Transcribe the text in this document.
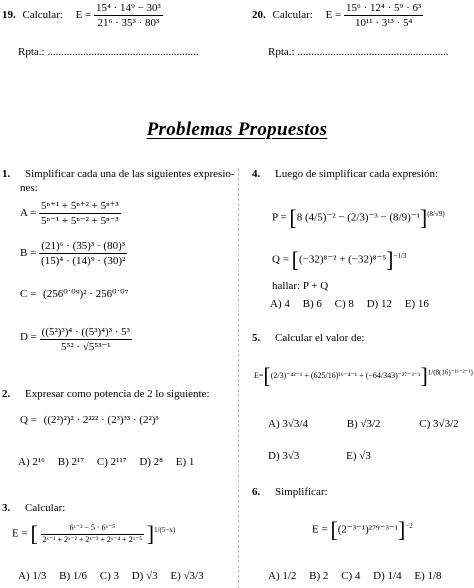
19. Calcular: $E = \frac{\text{15⁴ · 14⁹ − 30³}}{\text{21⁶ · 35³ · 80³}}$	20. Calcular: $E = \frac{\text{15⁶ · 12⁴ · 5⁹ · 6³}}{\text{10¹¹ · 3¹³ · 5⁴}}$
Rpta.: .......................................................	Rpta.: .......................................................
Problemas Propuestos
1. Simplificar cada una de las siguientes expresio-
nes:
$A = \frac{\text{5ⁿ⁺¹ + 5ⁿ⁺² + 5ⁿ⁺³}}{\text{5ⁿ⁻¹ + 5ⁿ⁻² + 5ⁿ⁻³}}$
$B = \frac{\text{(21)⁶ · (35)³ · (80)³}}{\text{(15)⁴ · (14)⁹ · (30)²}}$
C = (256⁰˙⁰⁹)² · 256⁰˙⁰⁷
$D = \frac{\text{((5²)³)⁴ · ((5³)⁴)³ · 5³}}{\text{5⁵² · √5⁵³⁻¹}}$
2. Expresar como potencia de 2 lo siguiente:
Q = ((2²)²)² · 2²²² · (2³)³³ · (2²)³
A) 2¹⁶ B) 2¹⁷ C) 2¹¹⁷ D) 2⁸ E) 1
3. Calcular:
E = [ $\frac{\text{6ˣ⁻³ − 5 · 6ˣ⁻⁵}}{\text{2ˣ⁻¹ + 2ˣ⁻² + 2ˣ⁻³ + 2ˣ⁻⁴ + 2ˣ⁻⁵}} ]^{1/(5-x)}$
A) 1/3 B) 1/6 C) 3 D) √3 E) √3/3
4. Luego de simplificar cada expresión:
P = [8 (4/5)⁻² − (2/3)⁻³ − (8/9)⁻¹]$^{(8/√9)}$
$Q = [(-32)^{8-2} + (-32)^{8-5}]^{-1/3}$
hallar: P + Q
A) 4 B) 6 C) 8 D) 12 E) 16
5. Calcular el valor de:
$E=[(2/3)^{-42-1} + (625/16)^{16-4-1} + (-64/343)^{-27-3-1}]^{1/(8(16)^{-16-2-1})}$
A) 3√3/4	B) √3/2	C) 3√3/2
D) 3√3	E) √3
6. Simplificar:
$E = [(2^{-3-1})^{279-3-1}]^{-2}$
A) 1/2 B) 2 C) 4 D) 1/4 E) 1/8
